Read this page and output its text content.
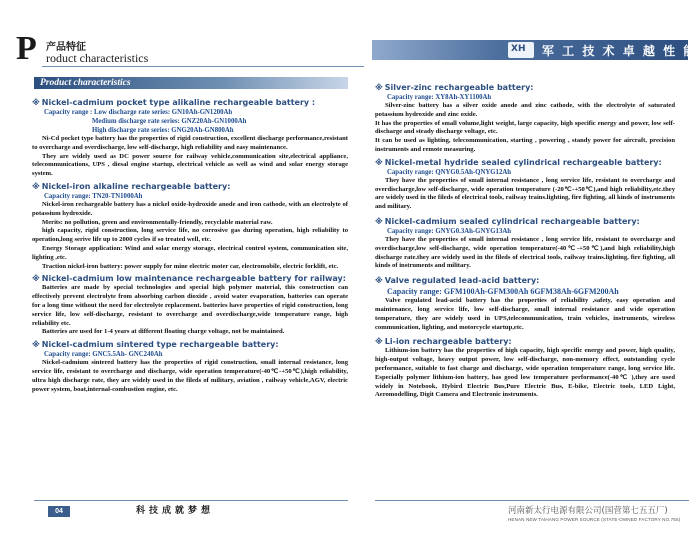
P 产品特征
roduct characteristics
XH 军 工 技 术 卓 越 性 能
Product characteristics
※ Nickel-cadmium pocket type alikaline rechargeable battery :
Capacity range : Low discharge rate series: GN10Ah-GN1200Ah
Medium discharge rate series: GNZ20Ah-GN1000Ah
High discharge rate series: GNG20Ah-GN800Ah

Ni-Cd pocket type battery has the properties of rigid construction, excellent discharge performance,resistant to overcharge and overdischarge, low self-discharge, high reliability and easy maintenance.

They are widely used as DC power source for railway vehicle,communication site,electrical appliance, telecommunications, UPS , diesal engine startup, electrical vehicle as well as wind and solar energy storage system.

※ Nickel-iron alkaline rechargeable battery:
Capacity range: TN20-TN1000Ah

Nickel-iron rechargeable battery has a nickel oxide-hydroxide anode and iron cathode, with an electrolyte of potassium hydroxide.

Merits: no pollution, green and environmentally-friendly, recyclable material raw.

high capacity, rigid construction, long service life, no corrosive gas during operation, high reliability to operation,long serive life up to 2000 cycles if so treated well, etc.

Energy Storage application: Wind and solar energy storage, electrical control system, communication site, lighting ,etc.

Traction nickel-iron battery: power supply for mine electric moter car, electromobile, electric forklift, etc.

※ Nickel-cadmium low maintenance rechargeable battery for railway:

Batteries are made by special technologies and special high polymer material, this construction can effectively prevent electrolyte from absorbing carbon dioxide , avoid water evaporation, batteries can operate for a long time without the need for electrolyte replacement. batteries have properties of rigid construction, long service life, low self-discharge, resistant to overcharge and overdischarge,wide temperature range, high reliability etc.

Batteries are used for 1-4 years at different floating charge voltage, not be maintained.

※ Nickel-cadmium sintered type rechargeable battery:
Capacity range: GNC5.5Ah- GNC240Ah

Nickel-cadmium sintered battery has the properties of rigid construction, small internal resistance, long service life, resistant to overcharge and discharge, wide operation temperature(-40℃-+50℃),high reliability, ultra high discharge rate, they are widely used in the fileds of military, aviation , railway vehicle,AGV, electric power system, boat,internal-combustion engine, etc.

※ Silver-zinc rechargeable battery:
Capacity range: XY8Ah-XY1100Ah

Silver-zinc battery has a silver oxide anode and zinc cathode, with the electrolyte of saturated potassium hydroxide and zinc oxide.

It has the properties of small volume,light weight, large capacity, high specific energy and power, low self-discharge and steady discharge voltage, etc.

It can be used as lighting, telecommunication, starting , powering , standy power for aircraft, precision instruments and remote measuring.

※ Nickel-metal hydride sealed cylindrical rechargeable battery:
Capacity range: QNYG0.5Ah-QNYG12Ah

They have the properties of small internal resistance , long service life, resistant to overcharge and overdischarge,low self-discharge, wide operation temperature (-20℃-+50℃),and high reliability,etc.they are widely used in the fileds of electrical tools, railway trains.lighting, fire fighting, all kinds of instruments and military.

※ Nickel-cadmium sealed cylindrical rechargeable battery:
Capacity range: GNYG0.3Ah-GNYG13Ah

They have the properties of small internal resistance , long service life, resistant to overcharge and overdischarge,low self-discharge, wide operation temperature(-40℃-+50℃),and high reliability,high discharge rate.they are widely used in the fileds of electrical tools, railway trains.lighting, fire fighting, all kinds of instruments and military.

※ Valve regulated lead-acid battery:
Capacity range: GFM100Ah-GFM300Ah 6GFM38Ah-6GFM200Ah

Valve regulated lead-acid battery has the properties of reliability ,safety, easy operation and maintenance, long service life, low self-discharge, small internal resistance and wide operation temperature, they are widely used in UPS,telecommunication, train vehicles, instruments, wireless communication, lighting, and motorcycle startup,etc.

※ Li-ion rechargeable battery:

Lithium-ion battery has the properties of high capacity, high specific energy and power, high quality, high-output voltage, heavy output power, low self-discharge, non-memory effect, outstanding cycle performance, suitable to fast charge and discharge, wide operation temperature range, long service life. Especially polymer lithium-ion battery, has good low temperature performance(-40℃ ),they are used widely in Notebook, Hybird Electric Bus,Pure Electric Bus, E-bike, Electric tools, LED Light, Aeromodelling, Digit Camera and Electronic instruments.

04	科技成就梦想	河南新太行电源有限公司(国营第七五五厂)
HENAN NEW TAIHANG POWER SOURCE (STATE-OWNED FACTORY NO.755)
